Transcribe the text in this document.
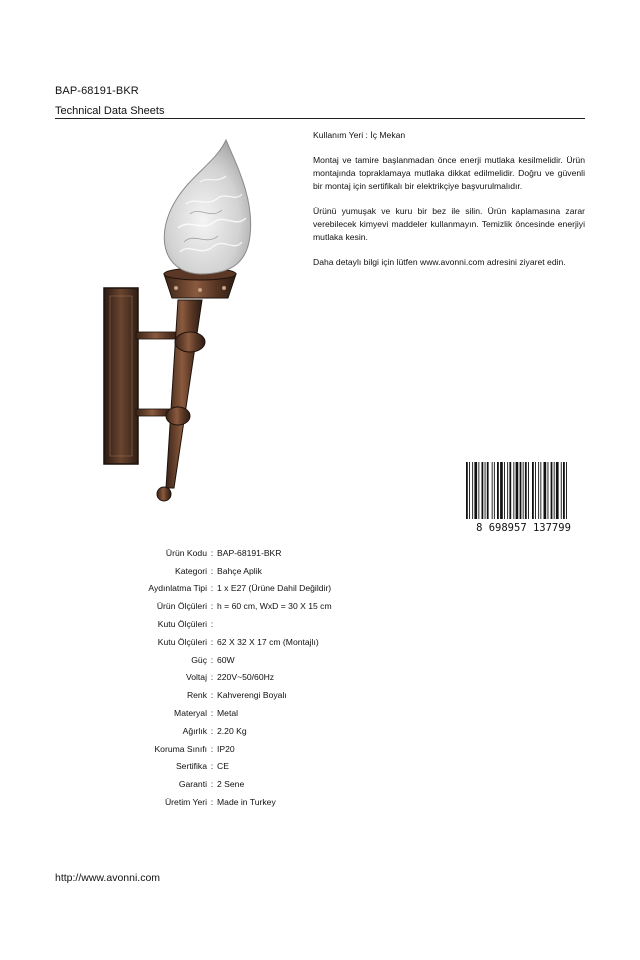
BAP-68191-BKR
Technical Data Sheets

Kullanım Yeri : İç Mekan

Montaj ve tamire başlanmadan önce enerji mutlaka kesilmelidir. Ürün montajında topraklamaya mutlaka dikkat edilmelidir. Doğru ve güvenli bir montaj için sertifikalı bir elektrikçiye başvurulmalıdır.

Ürünü yumuşak ve kuru bir bez ile silin. Ürün kaplamasına zarar verebilecek kimyevi maddeler kullanmayın. Temizlik öncesinde enerjiyi mutlaka kesin.

Daha detaylı bilgi için lütfen www.avonni.com adresini ziyaret edin.

8 698957 137799
Ürün Kodu : BAP-68191-BKR
Kategori : Bahçe Aplik
Aydınlatma Tipi : 1 x E27 (Ürüne Dahil Değildir)
Ürün Ölçüleri : h = 60 cm, WxD = 30 X 15 cm
Kutu Ölçüleri :
Kutu Ölçüleri : 62 X 32 X 17 cm (Montajlı)
Güç : 60W
Voltaj : 220V~50/60Hz
Renk : Kahverengi Boyalı
Materyal : Metal
Ağırlık : 2.20 Kg
Koruma Sınıfı : IP20
Sertifika : CE
Garanti : 2 Sene
Üretim Yeri : Made in Turkey
http://www.avonni.com
